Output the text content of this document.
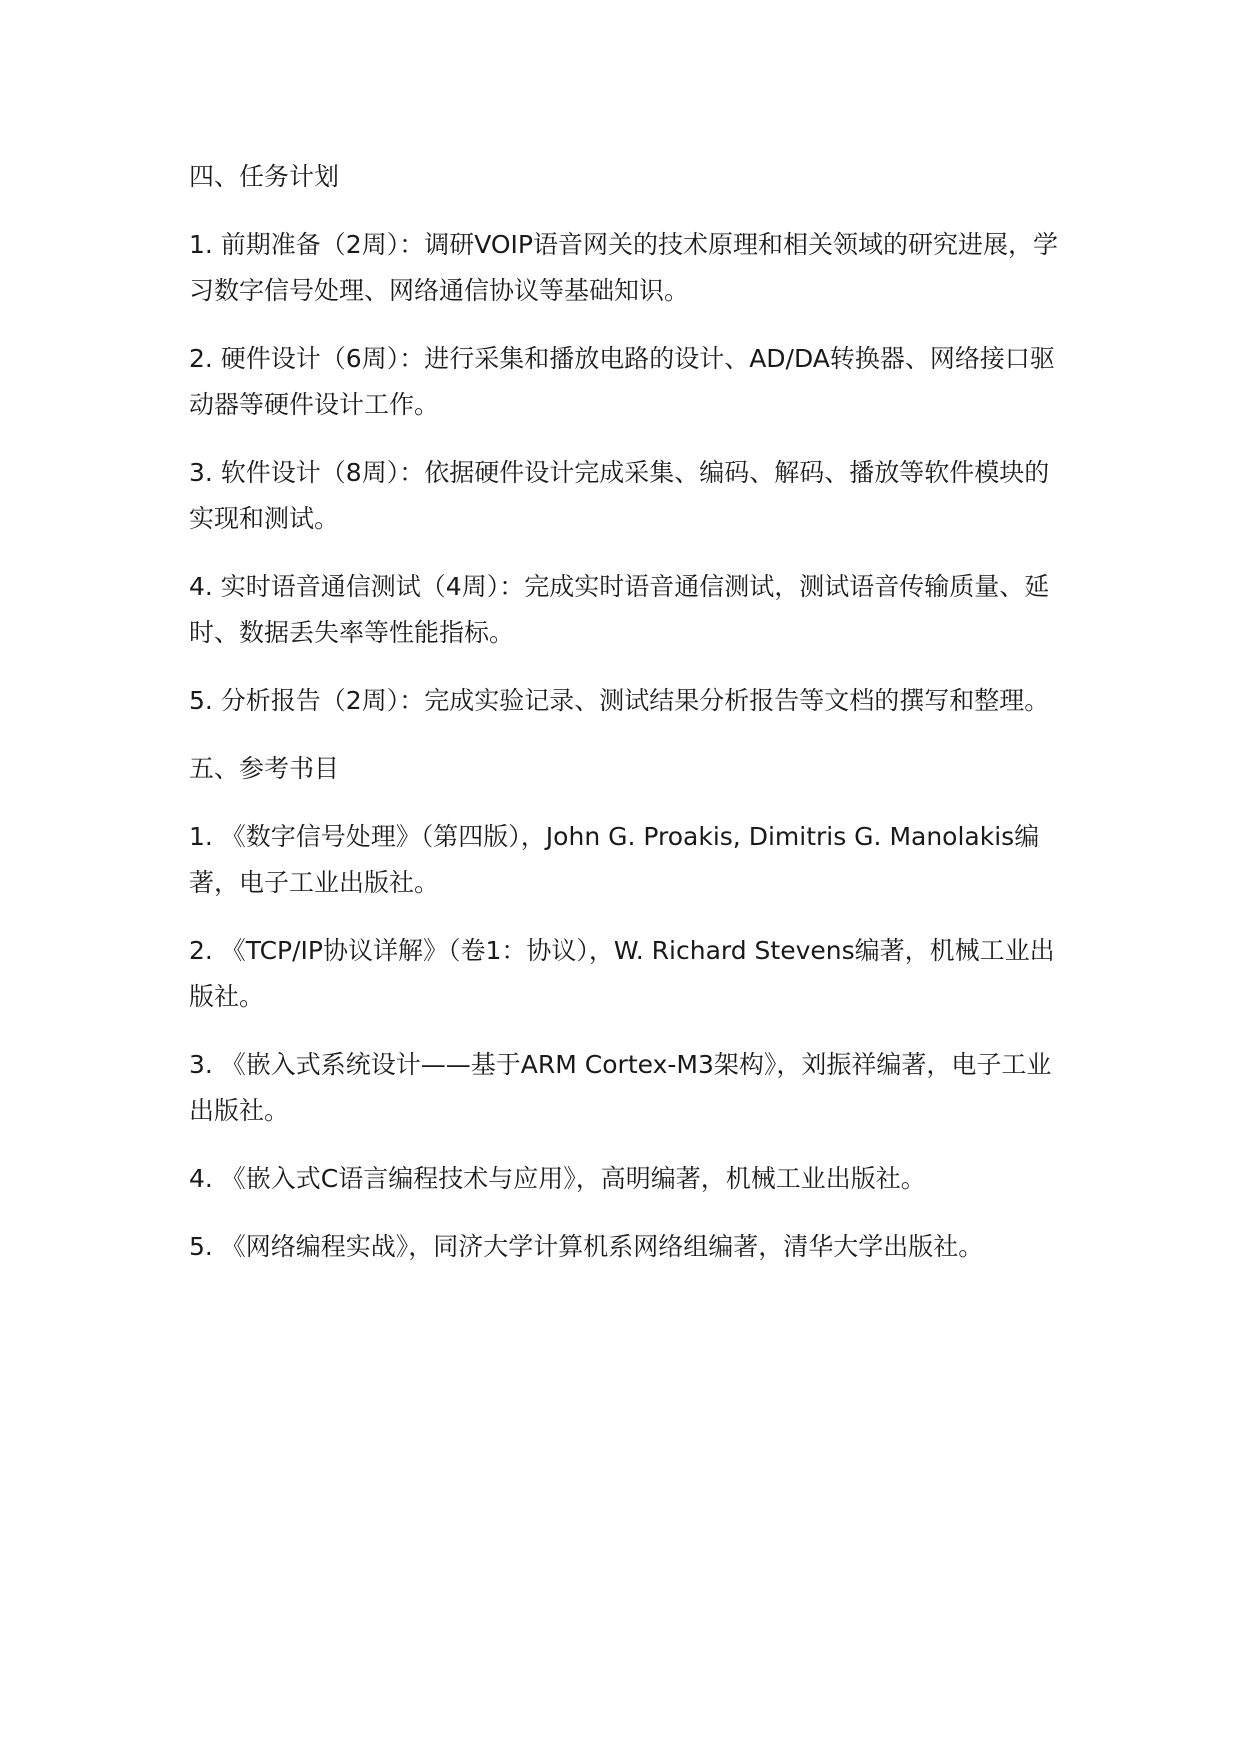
四、任务计划
1. 前期准备（2周）：调研VOIP语音网关的技术原理和相关领域的研究进展，学习数字信号处理、网络通信协议等基础知识。
2. 硬件设计（6周）：进行采集和播放电路的设计、AD/DA转换器、网络接口驱动器等硬件设计工作。
3. 软件设计（8周）：依据硬件设计完成采集、编码、解码、播放等软件模块的实现和测试。
4. 实时语音通信测试（4周）：完成实时语音通信测试，测试语音传输质量、延时、数据丢失率等性能指标。
5. 分析报告（2周）：完成实验记录、测试结果分析报告等文档的撰写和整理。
五、参考书目
1. 《数字信号处理》（第四版），John G. Proakis, Dimitris G. Manolakis编著，电子工业出版社。
2. 《TCP/IP协议详解》（卷1：协议），W. Richard Stevens编著，机械工业出版社。
3. 《嵌入式系统设计——基于ARM Cortex-M3架构》，刘振祥编著，电子工业出版社。
4. 《嵌入式C语言编程技术与应用》，高明编著，机械工业出版社。
5. 《网络编程实战》，同济大学计算机系网络组编著，清华大学出版社。
